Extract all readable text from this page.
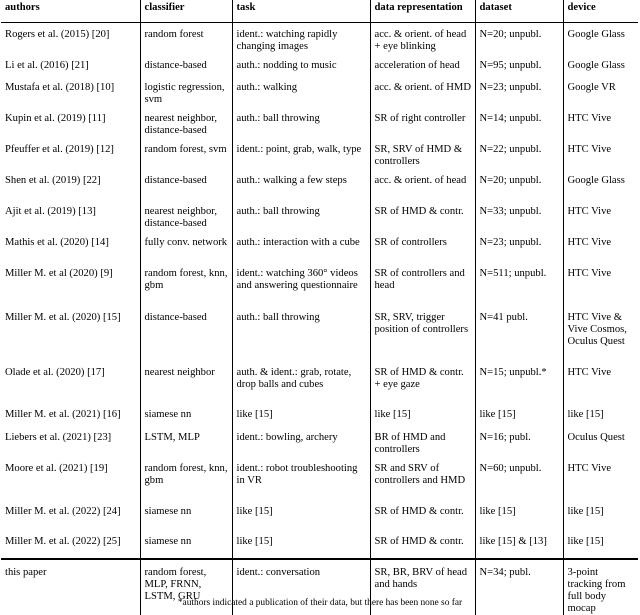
authors	classifier	task	data representation	dataset	device
Rogers et al. (2015) [20]	random forest	ident.: watching rapidly changing images	acc. & orient. of head + eye blinking	N=20; unpubl.	Google Glass
Li et al. (2016) [21]	distance-based	auth.: nodding to music	acceleration of head	N=95; unpubl.	Google Glass
Mustafa et al. (2018) [10]	logistic regression, svm	auth.: walking	acc. & orient. of HMD	N=23; unpubl.	Google VR
Kupin et al. (2019) [11]	nearest neighbor, distance-based	auth.: ball throwing	SR of right controller	N=14; unpubl.	HTC Vive
Pfeuffer et al. (2019) [12]	random forest, svm	ident.: point, grab, walk, type	SR, SRV of HMD & controllers	N=22; unpubl.	HTC Vive
Shen et al. (2019) [22]	distance-based	auth.: walking a few steps	acc. & orient. of head	N=20; unpubl.	Google Glass
Ajit et al. (2019) [13]	nearest neighbor, distance-based	auth.: ball throwing	SR of HMD & contr.	N=33; unpubl.	HTC Vive
Mathis et al. (2020) [14]	fully conv. network	auth.: interaction with a cube	SR of controllers	N=23; unpubl.	HTC Vive
Miller M. et al (2020) [9]	random forest, knn, gbm	ident.: watching 360° videos and answering questionnaire	SR of controllers and head	N=511; unpubl.	HTC Vive
Miller M. et al. (2020) [15]	distance-based	auth.: ball throwing	SR, SRV, trigger position of controllers	N=41 publ.	HTC Vive & Vive Cosmos, Oculus Quest
Olade et al. (2020) [17]	nearest neighbor	auth. & ident.: grab, rotate, drop balls and cubes	SR of HMD & contr. + eye gaze	N=15; unpubl.*	HTC Vive
Miller M. et al. (2021) [16]	siamese nn	like [15]	like [15]	like [15]	like [15]
Liebers et al. (2021) [23]	LSTM, MLP	ident.: bowling, archery	BR of HMD and controllers	N=16; publ.	Oculus Quest
Moore et al. (2021) [19]	random forest, knn, gbm	ident.: robot troubleshooting in VR	SR and SRV of controllers and HMD	N=60; unpubl.	HTC Vive
Miller M. et al. (2022) [24]	siamese nn	like [15]	SR of HMD & contr.	like [15]	like [15]
Miller M. et al. (2022) [25]	siamese nn	like [15]	SR of HMD & contr.	like [15] & [13]	like [15]
this paper	random forest, MLP, FRNN, LSTM, GRU	ident.: conversation	SR, BR, BRV of head and hands	N=34; publ.	3-point tracking from full body mocap
*authors indicated a publication of their data, but there has been none so far
